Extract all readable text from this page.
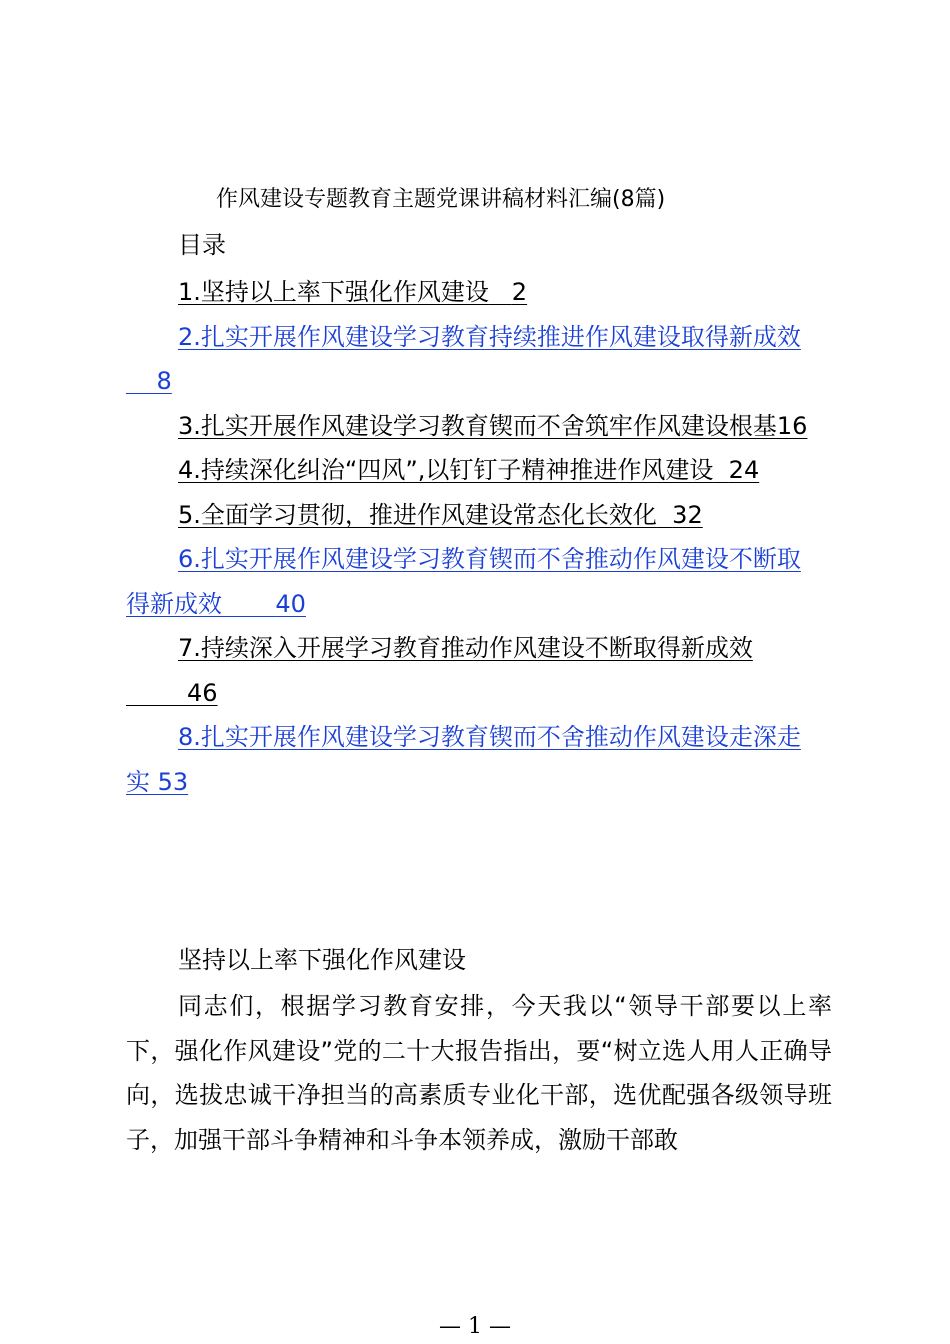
作风建设专题教育主题党课讲稿材料汇编(8篇)
目录
1.坚持以上率下强化作风建设 2
2.扎实开展作风建设学习教育持续推进作风建设取得新成效    8
3.扎实开展作风建设学习教育锲而不舍筑牢作风建设根基16
4.持续深化纠治“四风”,以钉钉子精神推进作风建设 24
5.全面学习贯彻，推进作风建设常态化长效化 32
6.扎实开展作风建设学习教育锲而不舍推动作风建设不断取得新成效 40
7.持续深入开展学习教育推动作风建设不断取得新成效        46
8.扎实开展作风建设学习教育锲而不舍推动作风建设走深走实 53
坚持以上率下强化作风建设
同志们，根据学习教育安排，今天我以“领导干部要以上率下，强化作风建设”党的二十大报告指出，要“树立选人用人正确导向，选拔忠诚干净担当的高素质专业化干部，选优配强各级领导班子，加强干部斗争精神和斗争本领养成，激励干部敢
— 1 —
